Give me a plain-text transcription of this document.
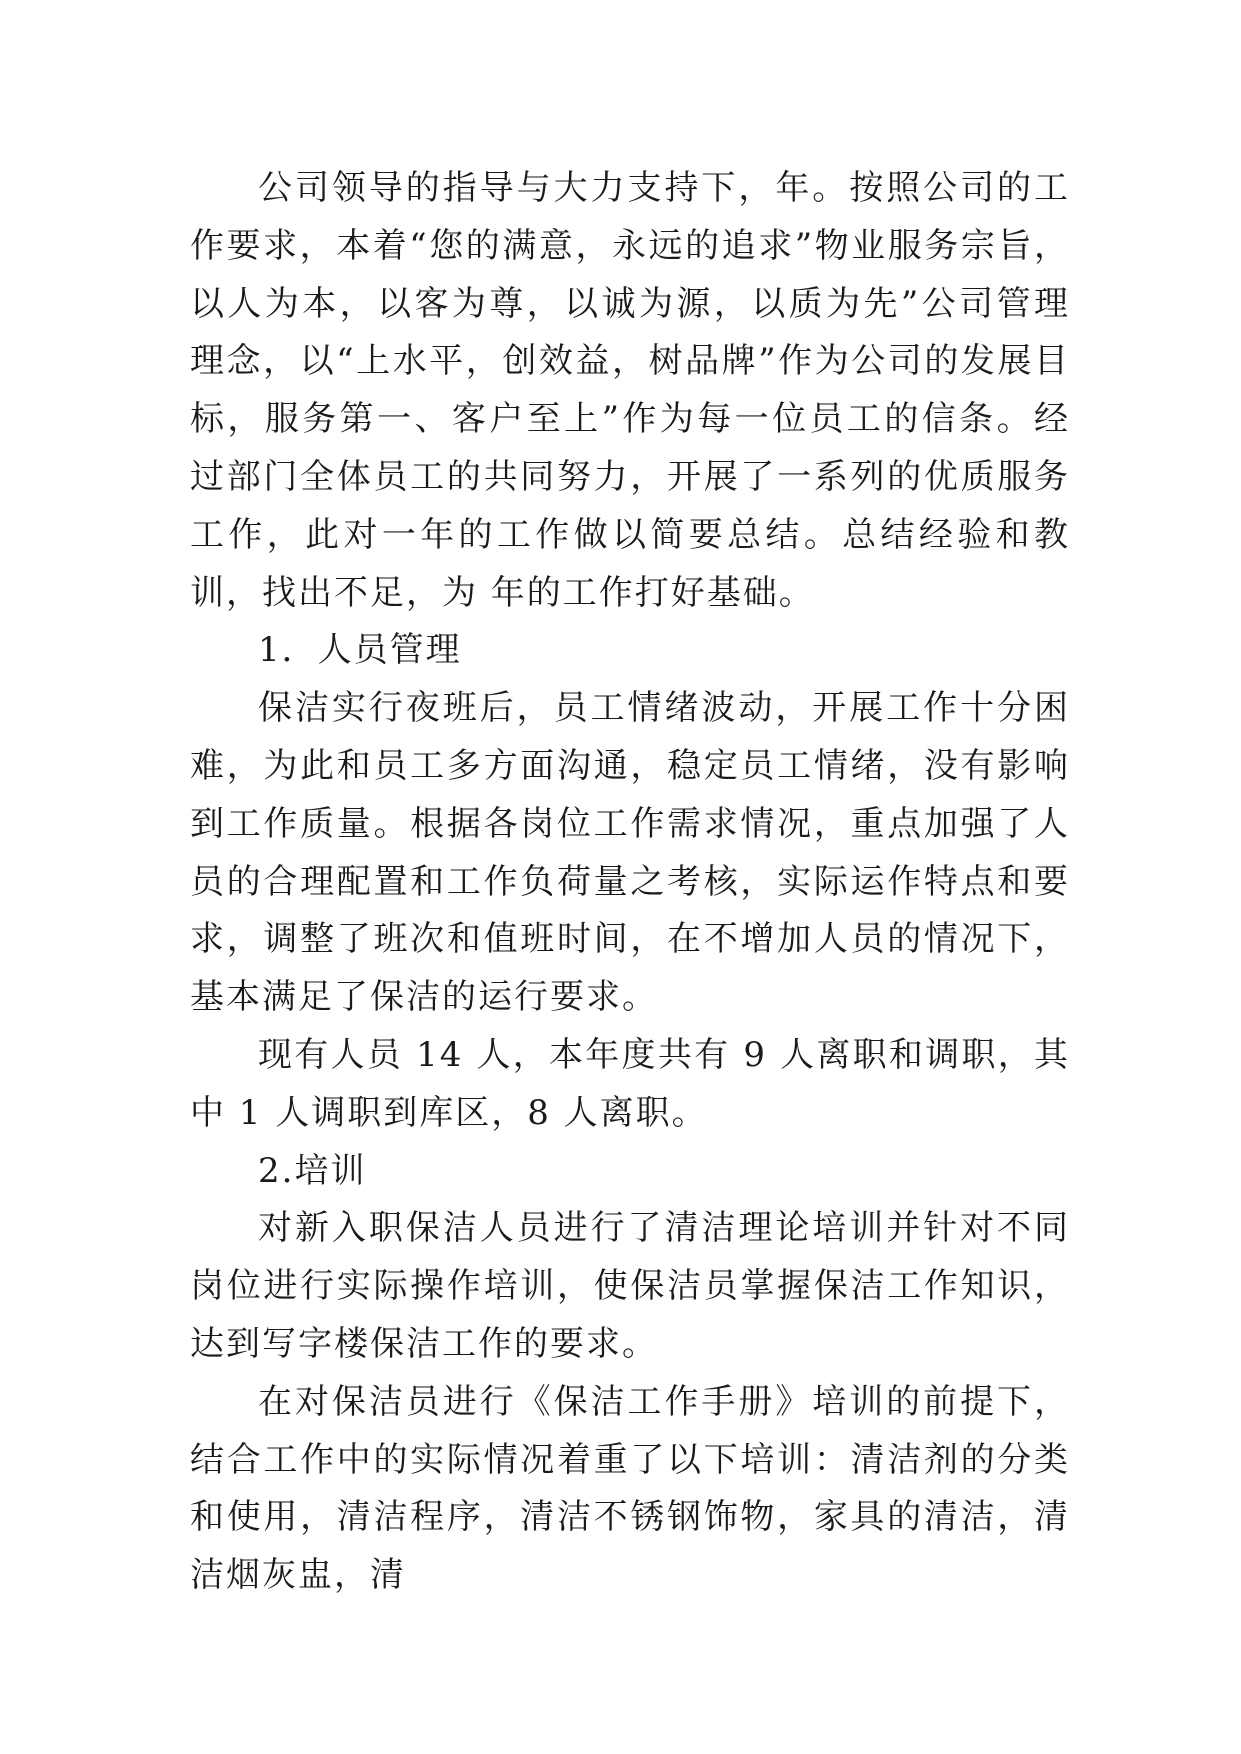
公司领导的指导与大力支持下，年。按照公司的工作要求，本着“您的满意，永远的追求”物业服务宗旨，以人为本，以客为尊，以诚为源，以质为先”公司管理理念，以“上水平，创效益，树品牌”作为公司的发展目标，服务第一、客户至上”作为每一位员工的信条。经过部门全体员工的共同努力，开展了一系列的优质服务工作，此对一年的工作做以简要总结。总结经验和教训，找出不足，为 年的工作打好基础。

1．人员管理

保洁实行夜班后，员工情绪波动，开展工作十分困难，为此和员工多方面沟通，稳定员工情绪，没有影响到工作质量。根据各岗位工作需求情况，重点加强了人员的合理配置和工作负荷量之考核，实际运作特点和要求，调整了班次和值班时间，在不增加人员的情况下，基本满足了保洁的运行要求。

现有人员 14 人，本年度共有 9 人离职和调职，其中 1 人调职到库区，8 人离职。

2.培训

对新入职保洁人员进行了清洁理论培训并针对不同岗位进行实际操作培训，使保洁员掌握保洁工作知识，达到写字楼保洁工作的要求。

在对保洁员进行《保洁工作手册》培训的前提下，结合工作中的实际情况着重了以下培训：清洁剂的分类和使用，清洁程序，清洁不锈钢饰物，家具的清洁，清洁烟灰盅，清
